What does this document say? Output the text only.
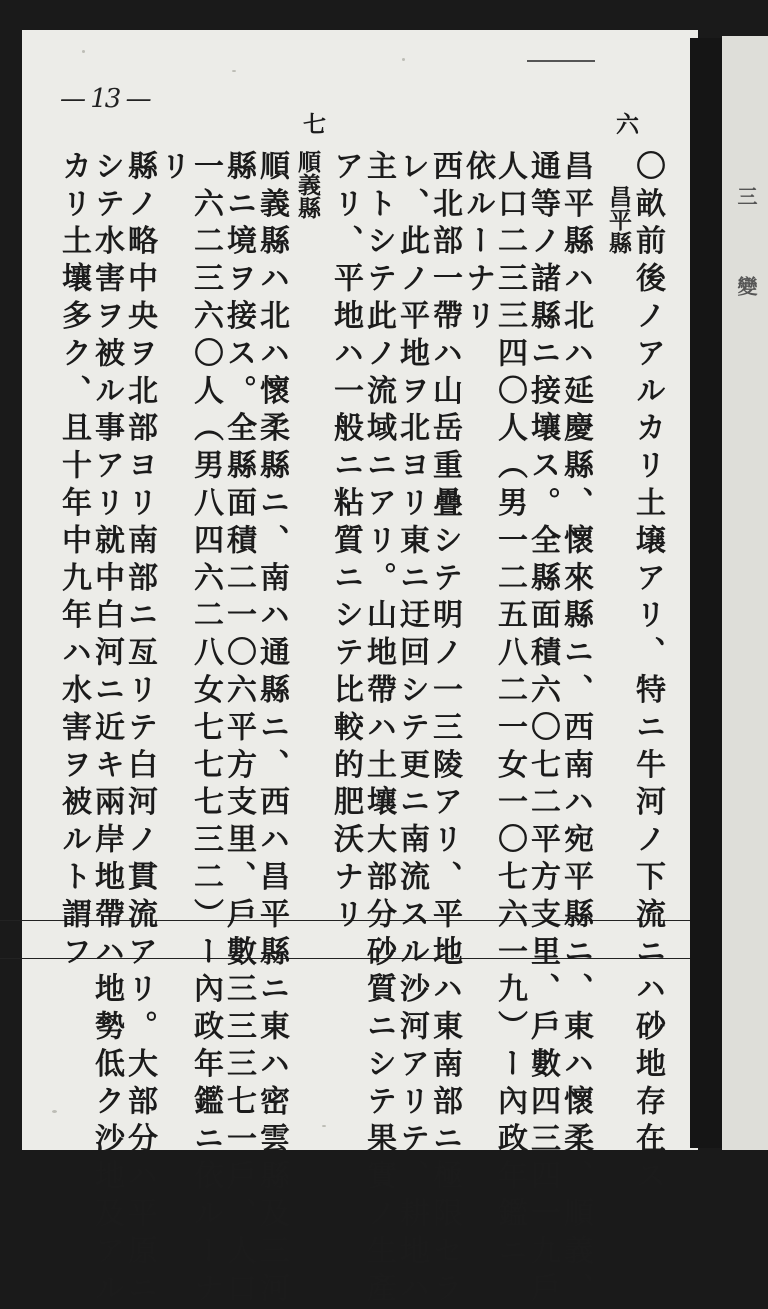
三
變
— 13 —
〇畝前後ノアルカリ土壌アリ、特ニ牛河ノ下流ニハ砂地存在ス
六
昌平縣
昌平縣ハ北ハ延慶縣、懷來縣ニ、西南ハ宛平縣ニ、東ハ懷柔、順義、
通等ノ諸縣ニ接壤ス。全縣面積六〇七二平方支里、戶數四三四一九戶
人口二三三四〇人（男一二五八二一女一〇七六一九）ー內政年鑑ニ
依ルーナリ
西北部一帶ハ山岳重疊シテ明ノ一三陵アリ、平地ハ東南部ニ極限セラ
レ、此ノ平地ヲ北ヨリ東ニ迂回シテ更ニ南流スル沙河アリテ、耕地ハ
主トシテ此ノ流域ニアリ。山地帶ハ土壤大部分砂質ニシテ果實ノ生產
アリ、平地ハ一般ニ粘質ニシテ比較的肥沃ナリ
七
順義縣
順義縣ハ北ハ懷柔縣ニ、南ハ通縣ニ、西ハ昌平縣ニ東ハ密雲縣及三河
縣ニ境ヲ接ス。全縣面積二一〇六平方支里、戶數三三三七一戶、人口
一六二三六〇人（男八四六二八女七七七三二）ー內政年鑑ニ依ルーナ
リ
縣ノ略中央ヲ北部ヨリ南部ニ亙リテ白河ノ貫流アリ。大部分ハ平原ニ
シテ水害ヲ被ル事アリ就中白河ニ近キ兩岸地帶ハ地勢低ク沙地及アル
カリ土壤多ク、且十年中九年ハ水害ヲ被ルト謂フ
